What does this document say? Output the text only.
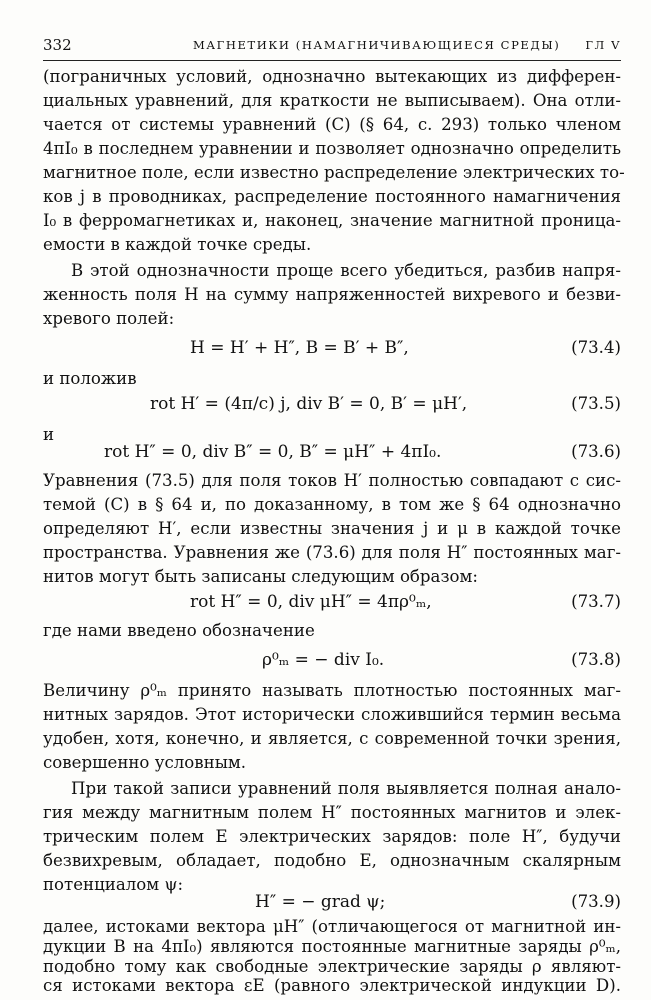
332	МАГНЕТИКИ (НАМАГНИЧИВАЮЩИЕСЯ СРЕДЫ) ГЛ V
(пограничных условий, однозначно вытекающих из дифферен-
циальных уравнений, для краткости не выписываем). Она отли-
чается от системы уравнений (С) (§ 64, с. 293) только членом
4πI₀ в последнем уравнении и позволяет однозначно определить
магнитное поле, если известно распределение электрических то-
ков j в проводниках, распределение постоянного намагничения
I₀ в ферромагнетиках и, наконец, значение магнитной проница-
емости в каждой точке среды.
В этой однозначности проще всего убедиться, разбив напря-
женность поля H на сумму напряженностей вихревого и безви-
хревого полей:
H = H′ + H″, B = B′ + B″,	(73.4)
и положив
rot H′ = (4π/c) j, div B′ = 0, B′ = μH′,	(73.5)
и
rot H″ = 0, div B″ = 0, B″ = μH″ + 4πI₀.	(73.6)
Уравнения (73.5) для поля токов H′ полностью совпадают с сис-
темой (С) в § 64 и, по доказанному, в том же § 64 однозначно
определяют H′, если известны значения j и μ в каждой точке
пространства. Уравнения же (73.6) для поля H″ постоянных маг-
нитов могут быть записаны следующим образом:
rot H″ = 0, div μH″ = 4πρ⁰ₘ,	(73.7)
где нами введено обозначение
ρ⁰ₘ = − div I₀.	(73.8)
Величину ρ⁰ₘ принято называть плотностью постоянных маг-
нитных зарядов. Этот исторически сложившийся термин весьма
удобен, хотя, конечно, и является, с современной точки зрения,
совершенно условным.
При такой записи уравнений поля выявляется полная анало-
гия между магнитным полем H″ постоянных магнитов и элек-
трическим полем E электрических зарядов: поле H″, будучи
безвихревым, обладает, подобно E, однозначным скалярным
потенциалом ψ:
H″ = − grad ψ;	(73.9)
далее, истоками вектора μH″ (отличающегося от магнитной ин-
дукции B на 4πI₀) являются постоянные магнитные заряды ρ⁰ₘ,
подобно тому как свободные электрические заряды ρ являют-
ся истоками вектора εE (равного электрической индукции D).
